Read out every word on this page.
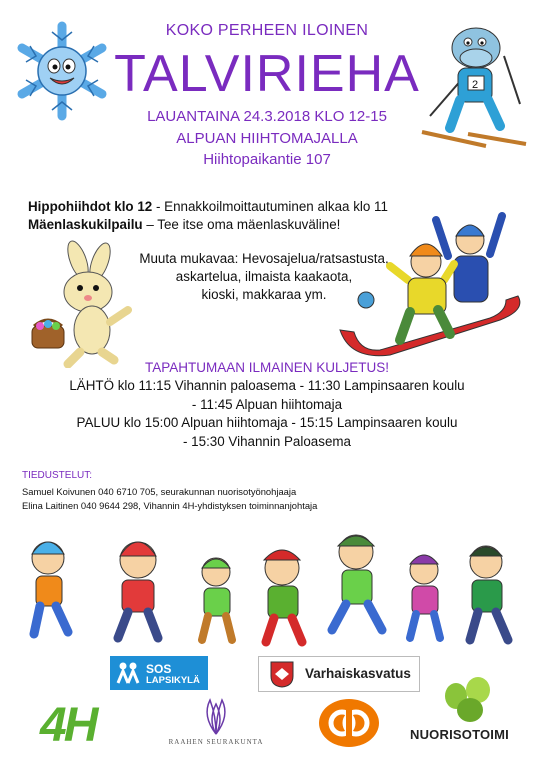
KOKO PERHEEN ILOINEN
TALVIRIEHA
LAUANTAINA 24.3.2018 KLO 12-15
ALPUAN HIIHTOMAJALLA
Hiihtopaikantie 107
2
Hippohiihdot klo 12 - Ennakkoilmoittautuminen alkaa klo 11
Mäenlaskukilpailu – Tee itse oma mäenlaskuväline!
Muuta mukavaa: Hevosajelua/ratsastusta,
askartelua, ilmaista kaakaota,
kioski, makkaraa ym.
TAPAHTUMAAN ILMAINEN KULJETUS!
LÄHTÖ klo 11:15 Vihannin paloasema - 11:30 Lampinsaaren koulu
- 11:45 Alpuan hiihtomaja
PALUU klo 15:00 Alpuan hiihtomaja - 15:15 Lampinsaaren koulu
- 15:30 Vihannin Paloasema
TIEDUSTELUT:
Samuel Koivunen 040 6710 705, seurakunnan nuorisotyönohjaaja
Elina Laitinen 040 9644 298, Vihannin 4H-yhdistyksen toiminnanjohtaja
SOS
LAPSIKYLÄ	Varhaiskasvatus
4H	RAAHEN SEURAKUNTA	NUORISOTOIMI
